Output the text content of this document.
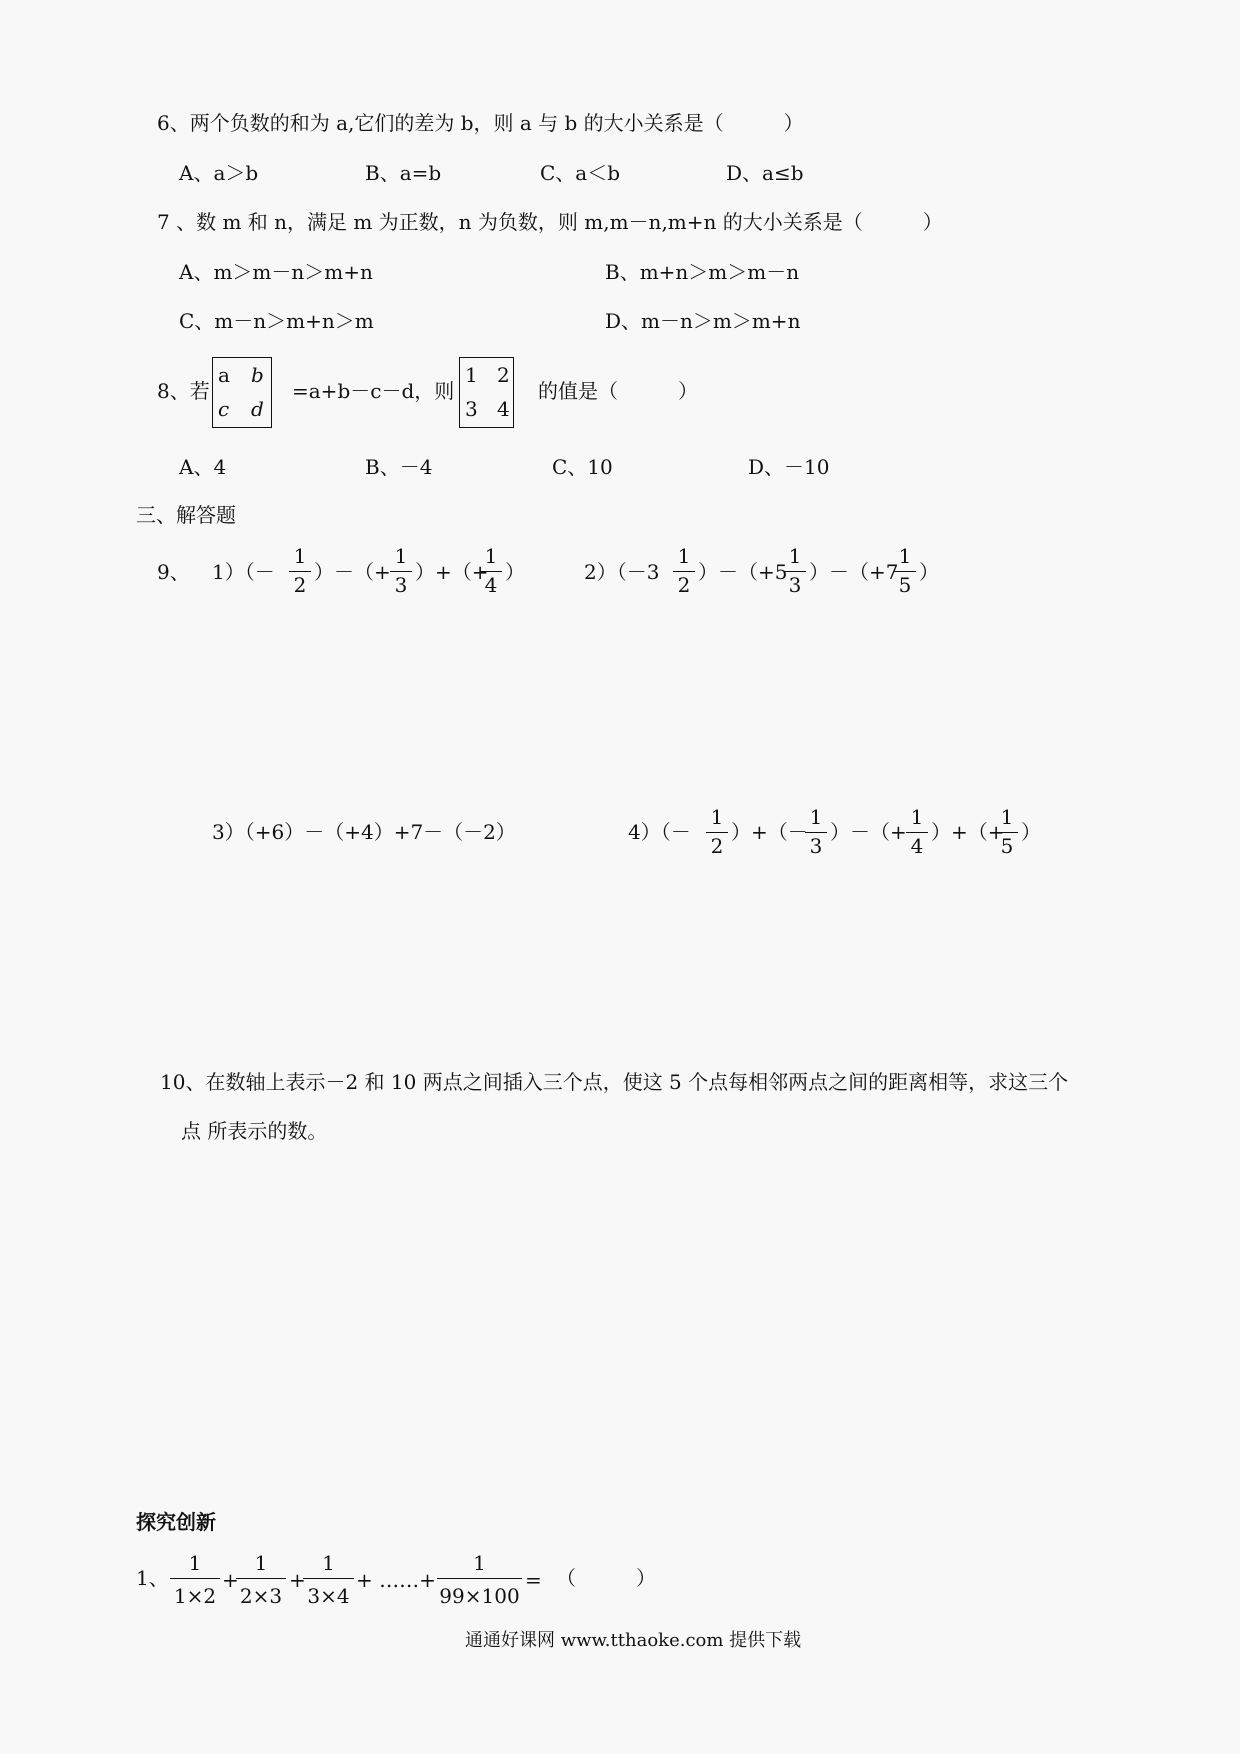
6、两个负数的和为 a,它们的差为 b，则 a 与 b 的大小关系是（　　　）
A、a＞b	B、a=b	C、a＜b	D、a≤b
7 、数 m 和 n，满足 m 为正数，n 为负数，则 m,m－n,m+n 的大小关系是（　　　）
A、m＞m－n＞m+n	B、m+n＞m＞m－n
C、m－n＞m+n＞m	D、m－n＞m＞m+n
8、若
a b
c d
=a+b－c－d，则
1 2
3 4
的值是（　　　）
A、4	B、－4	C、10	D、－10
三、解答题
9、 1）（－
1
2
）－（+
1
3
）+（+
1
4
）	2）（－3
1
2
）－（+5
1
3
）－（+7
1
5
）
3）（+6）－（+4）+7－（－2）	4）（－
1
2
）+（－
1
3
）－（+
1
4
）+（+
1
5
）
10、在数轴上表示－2 和 10 两点之间插入三个点，使这 5 个点每相邻两点之间的距离相等，求这三个
点 所表示的数。
探究创新
1、
1
1×2
+
1
2×3
+
1
3×4
+ ……+
1
99×100
= （　　　）
通通好课网 www.tthaoke.com 提供下载
